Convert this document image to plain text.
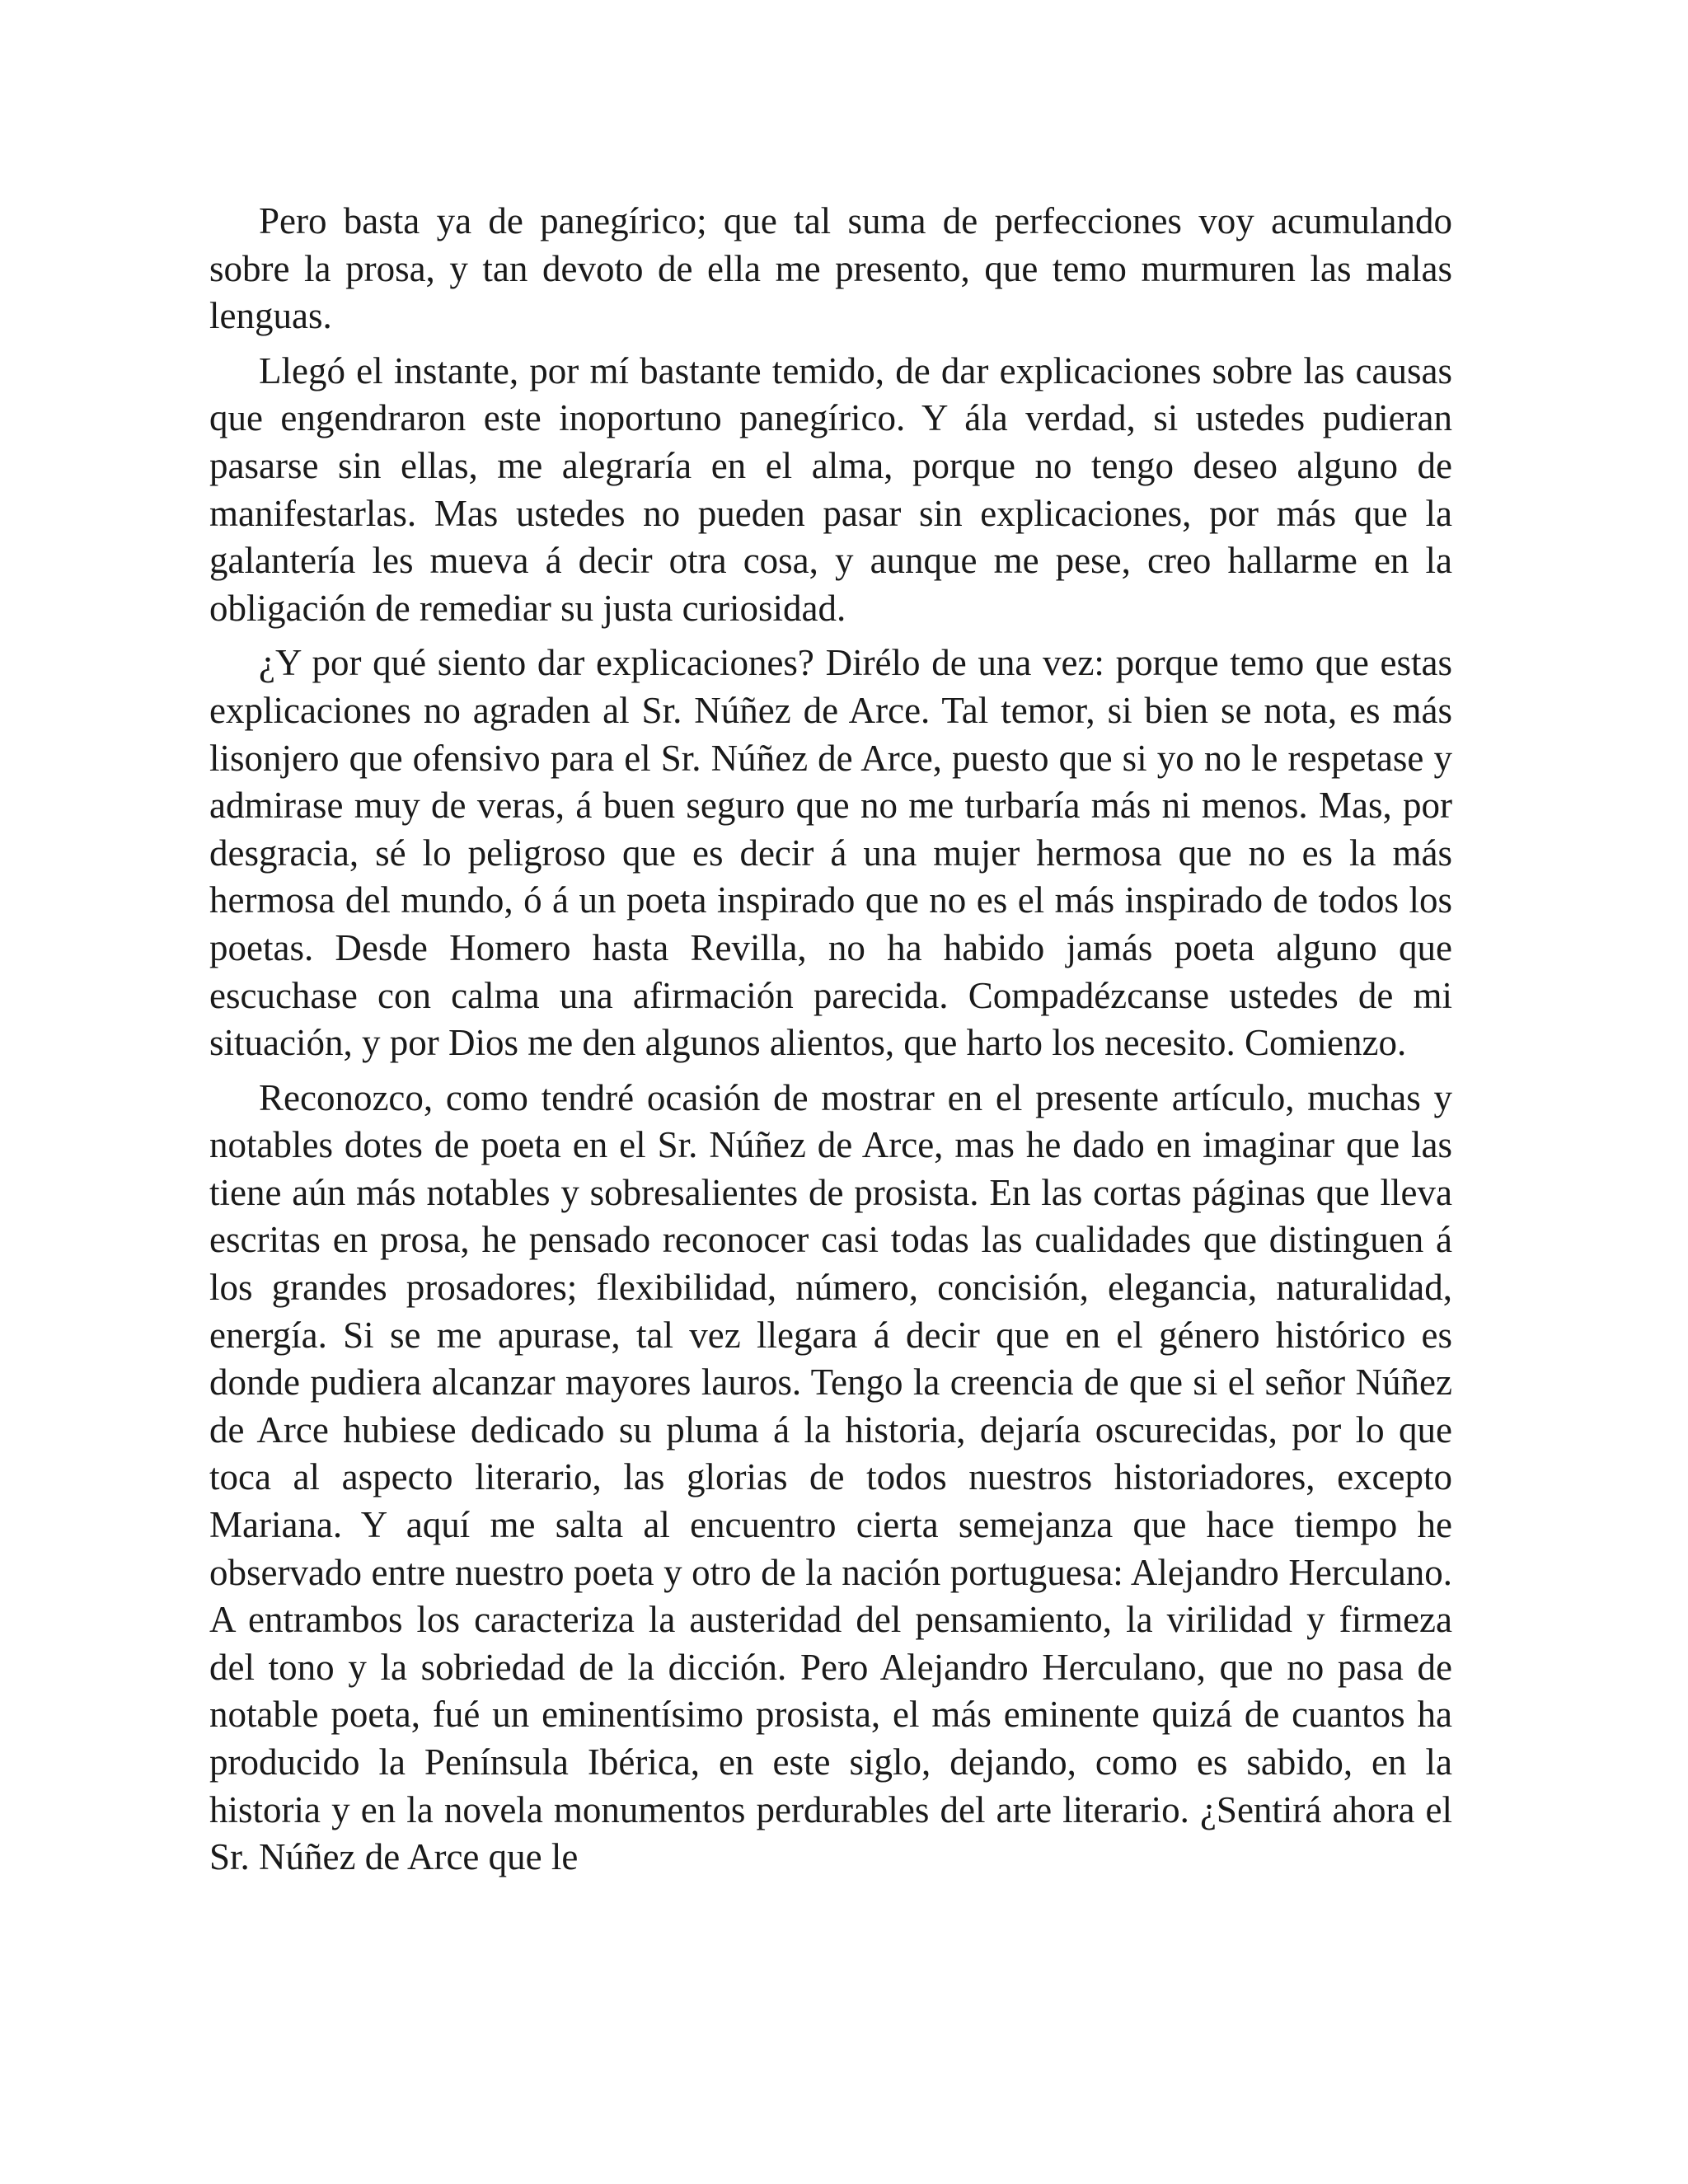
Pero basta ya de panegírico; que tal suma de perfecciones voy acumulando sobre la prosa, y tan devoto de ella me presento, que temo murmuren las malas lenguas.

Llegó el instante, por mí bastante temido, de dar explicaciones sobre las causas que engendraron este inoportuno panegírico. Y ála verdad, si ustedes pudieran pasarse sin ellas, me alegraría en el alma, porque no tengo deseo alguno de manifestarlas. Mas ustedes no pueden pasar sin explicaciones, por más que la galantería les mueva á decir otra cosa, y aunque me pese, creo hallarme en la obligación de remediar su justa curiosidad.

¿Y por qué siento dar explicaciones? Dirélo de una vez: porque temo que estas explicaciones no agraden al Sr. Núñez de Arce. Tal temor, si bien se nota, es más lisonjero que ofensivo para el Sr. Núñez de Arce, puesto que si yo no le respetase y admirase muy de veras, á buen seguro que no me turbaría más ni menos. Mas, por desgracia, sé lo peligroso que es decir á una mujer hermosa que no es la más hermosa del mundo, ó á un poeta inspirado que no es el más inspirado de todos los poetas. Desde Homero hasta Revilla, no ha habido jamás poeta alguno que escuchase con calma una afirmación parecida. Compadézcanse ustedes de mi situación, y por Dios me den algunos alientos, que harto los necesito. Comienzo.

Reconozco, como tendré ocasión de mostrar en el presente artículo, muchas y notables dotes de poeta en el Sr. Núñez de Arce, mas he dado en imaginar que las tiene aún más notables y sobresalientes de prosista. En las cortas páginas que lleva escritas en prosa, he pensado reconocer casi todas las cualidades que distinguen á los grandes prosadores; flexibilidad, número, concisión, elegancia, naturalidad, energía. Si se me apurase, tal vez llegara á decir que en el género histórico es donde pudiera alcanzar mayores lauros. Tengo la creencia de que si el señor Núñez de Arce hubiese dedicado su pluma á la historia, dejaría oscurecidas, por lo que toca al aspecto literario, las glorias de todos nuestros historiadores, excepto Mariana. Y aquí me salta al encuentro cierta semejanza que hace tiempo he observado entre nuestro poeta y otro de la nación portuguesa: Alejandro Herculano. A entrambos los caracteriza la austeridad del pensamiento, la virilidad y firmeza del tono y la sobriedad de la dicción. Pero Alejandro Herculano, que no pasa de notable poeta, fué un eminentísimo prosista, el más eminente quizá de cuantos ha producido la Península Ibérica, en este siglo, dejando, como es sabido, en la historia y en la novela monumentos perdurables del arte literario. ¿Sentirá ahora el Sr. Núñez de Arce que le
